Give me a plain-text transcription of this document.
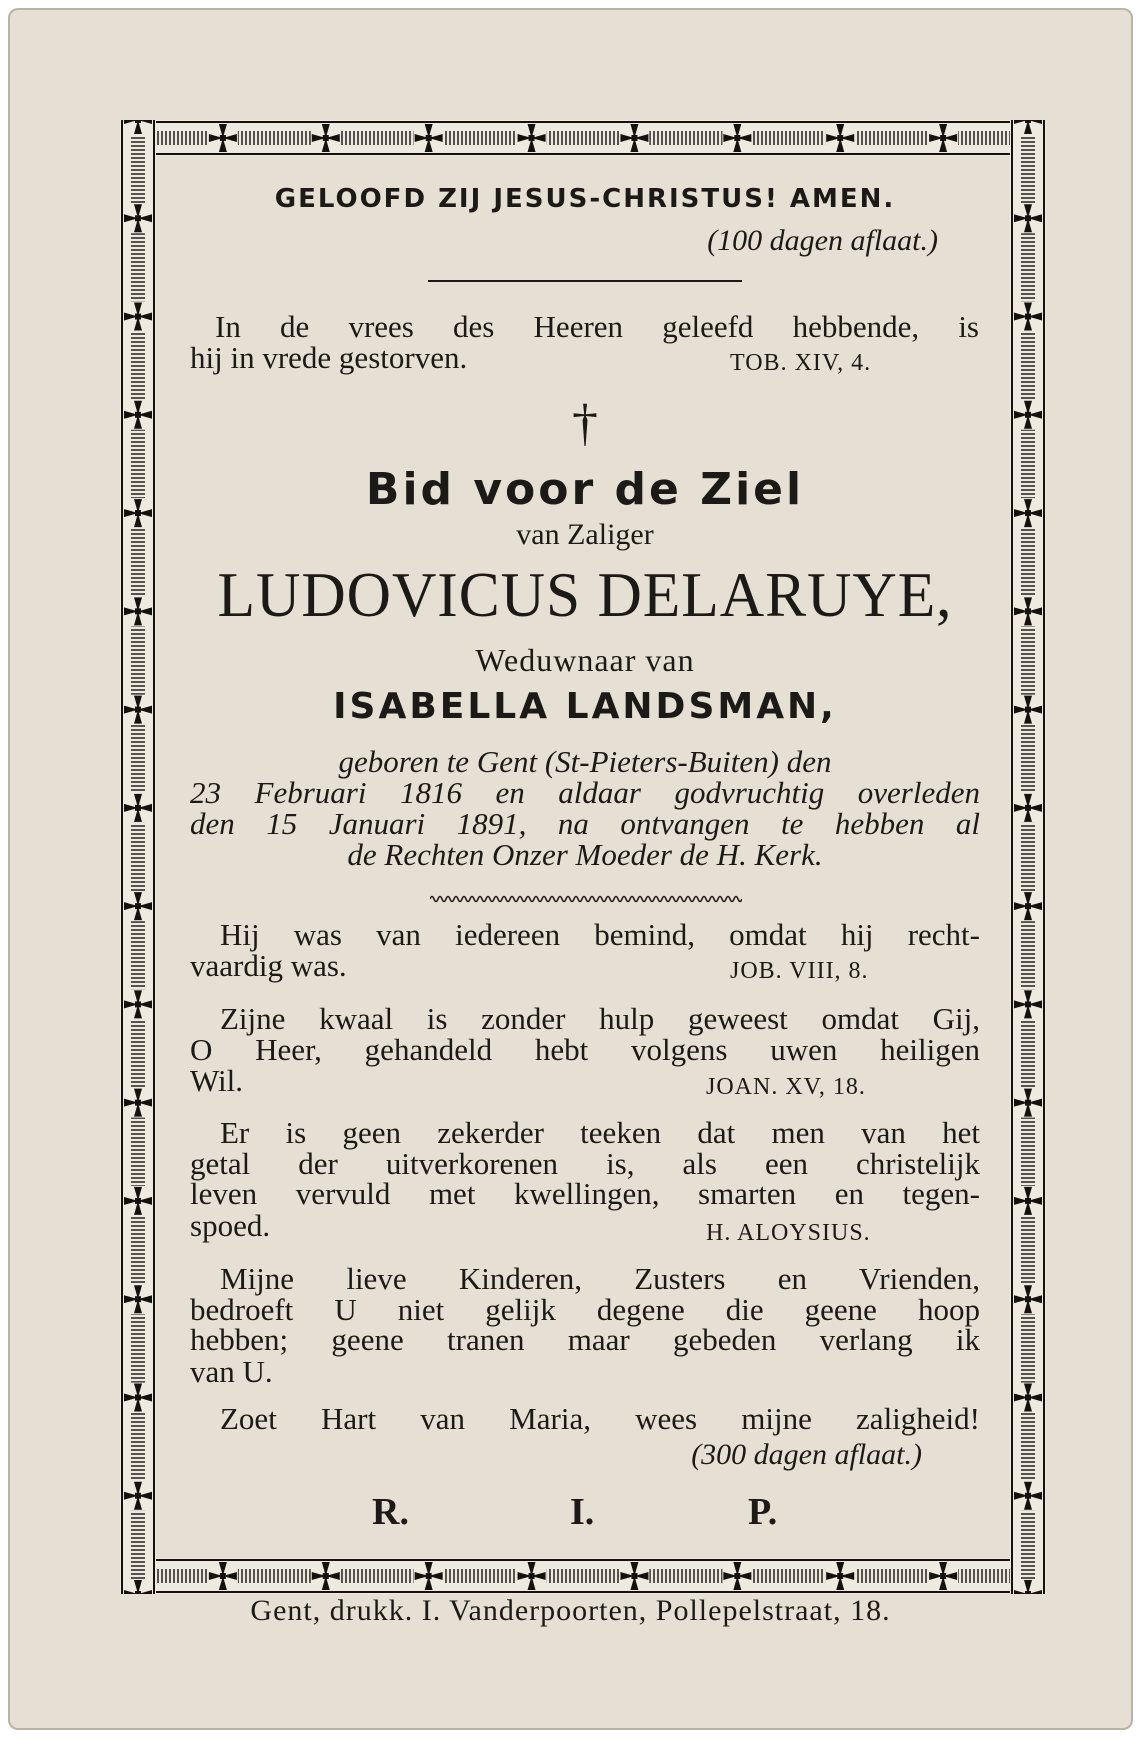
GELOOFD ZIJ JESUS-CHRISTUS! AMEN.
(100 dagen aflaat.)
In de vrees des Heeren geleefd hebbende, is
hij in vrede gestorven.	TOB. XIV, 4.
†
Bid voor de Ziel
van Zaliger
LUDOVICUS DELARUYE,
Weduwnaar van
ISABELLA LANDSMAN,
geboren te Gent (St-Pieters-Buiten) den
23 Februari 1816 en aldaar godvruchtig overleden
den 15 Januari 1891, na ontvangen te hebben al
de Rechten Onzer Moeder de H. Kerk.
Hij was van iedereen bemind, omdat hij recht-
vaardig was.	JOB. VIII, 8.
Zijne kwaal is zonder hulp geweest omdat Gij,
O Heer, gehandeld hebt volgens uwen heiligen
Wil.	JOAN. XV, 18.
Er is geen zekerder teeken dat men van het
getal der uitverkorenen is, als een christelijk
leven vervuld met kwellingen, smarten en tegen-
spoed.	H. ALOYSIUS.
Mijne lieve Kinderen, Zusters en Vrienden,
bedroeft U niet gelijk degene die geene hoop
hebben; geene tranen maar gebeden verlang ik
van U.
Zoet Hart van Maria, wees mijne zaligheid!
(300 dagen aflaat.)
R.	I.	P.
Gent, drukk. I. Vanderpoorten, Pollepelstraat, 18.
